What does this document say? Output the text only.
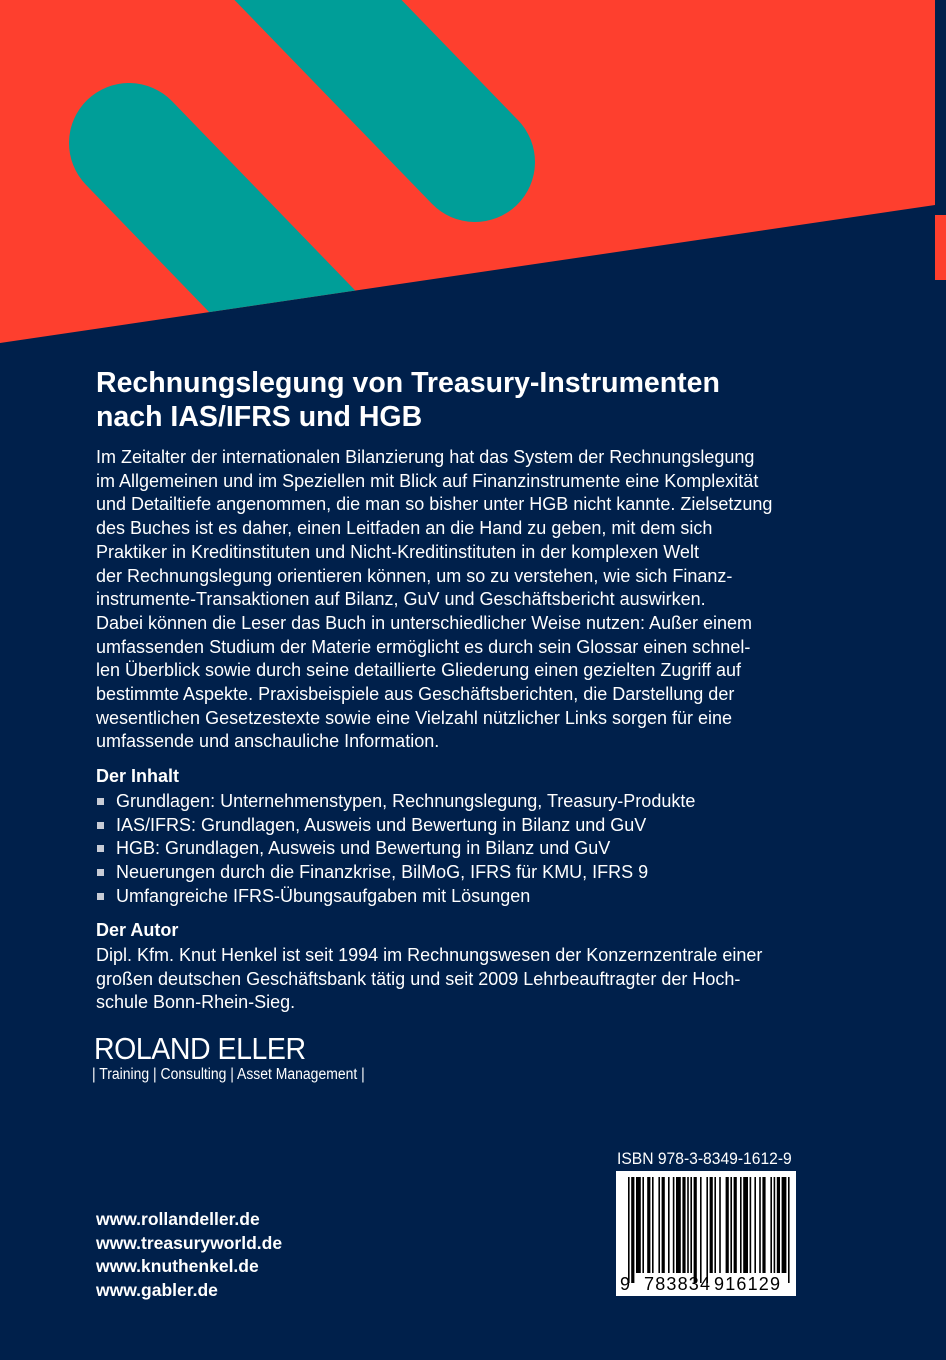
Rechnungslegung von Treasury-Instrumenten
nach IAS/IFRS und HGB
Im Zeitalter der internationalen Bilanzierung hat das System der Rechnungslegung
im Allgemeinen und im Speziellen mit Blick auf Finanzinstrumente eine Komplexität
und Detailtiefe angenommen, die man so bisher unter HGB nicht kannte. Zielsetzung
des Buches ist es daher, einen Leitfaden an die Hand zu geben, mit dem sich
Praktiker in Kreditinstituten und Nicht-Kreditinstituten in der komplexen Welt
der Rechnungslegung orientieren können, um so zu verstehen, wie sich Finanz-
instrumente-Transaktionen auf Bilanz, GuV und Geschäftsbericht auswirken.
Dabei können die Leser das Buch in unterschiedlicher Weise nutzen: Außer einem
umfassenden Studium der Materie ermöglicht es durch sein Glossar einen schnel-
len Überblick sowie durch seine detaillierte Gliederung einen gezielten Zugriff auf
bestimmte Aspekte. Praxisbeispiele aus Geschäftsberichten, die Darstellung der
wesentlichen Gesetzestexte sowie eine Vielzahl nützlicher Links sorgen für eine
umfassende und anschauliche Information.
Der Inhalt
Grundlagen: Unternehmenstypen, Rechnungslegung, Treasury-Produkte
IAS/IFRS: Grundlagen, Ausweis und Bewertung in Bilanz und GuV
HGB: Grundlagen, Ausweis und Bewertung in Bilanz und GuV
Neuerungen durch die Finanzkrise, BilMoG, IFRS für KMU, IFRS 9
Umfangreiche IFRS-Übungsaufgaben mit Lösungen
Der Autor
Dipl. Kfm. Knut Henkel ist seit 1994 im Rechnungswesen der Konzernzentrale einer
großen deutschen Geschäftsbank tätig und seit 2009 Lehrbeauftragter der Hoch-
schule Bonn-Rhein-Sieg.
ROLAND ELLER
| Training | Consulting | Asset Management |
www.rollandeller.de
www.treasuryworld.de
www.knuthenkel.de
www.gabler.de
ISBN 978-3-8349-1612-9
9 783834 916129
